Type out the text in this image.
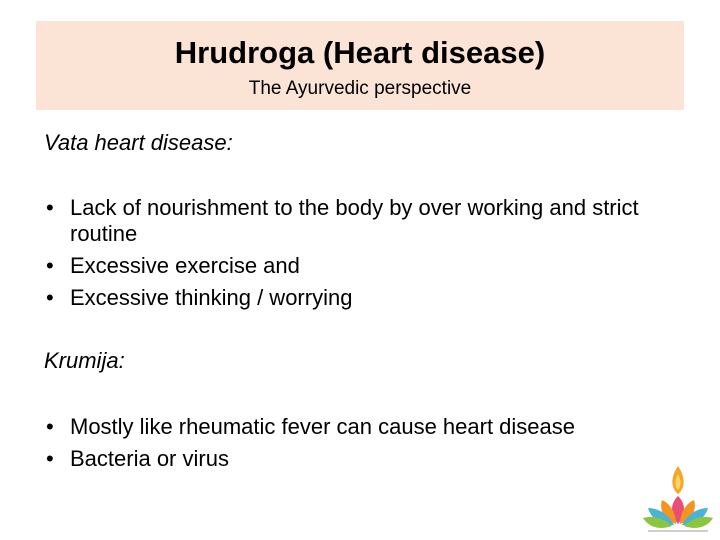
Hrudroga (Heart disease)
The Ayurvedic perspective
Vata heart disease:
• Lack of nourishment to the body by over working and strict routine
• Excessive exercise and
• Excessive thinking / worrying
Krumija:
• Mostly like rheumatic fever can cause heart disease
• Bacteria or virus
